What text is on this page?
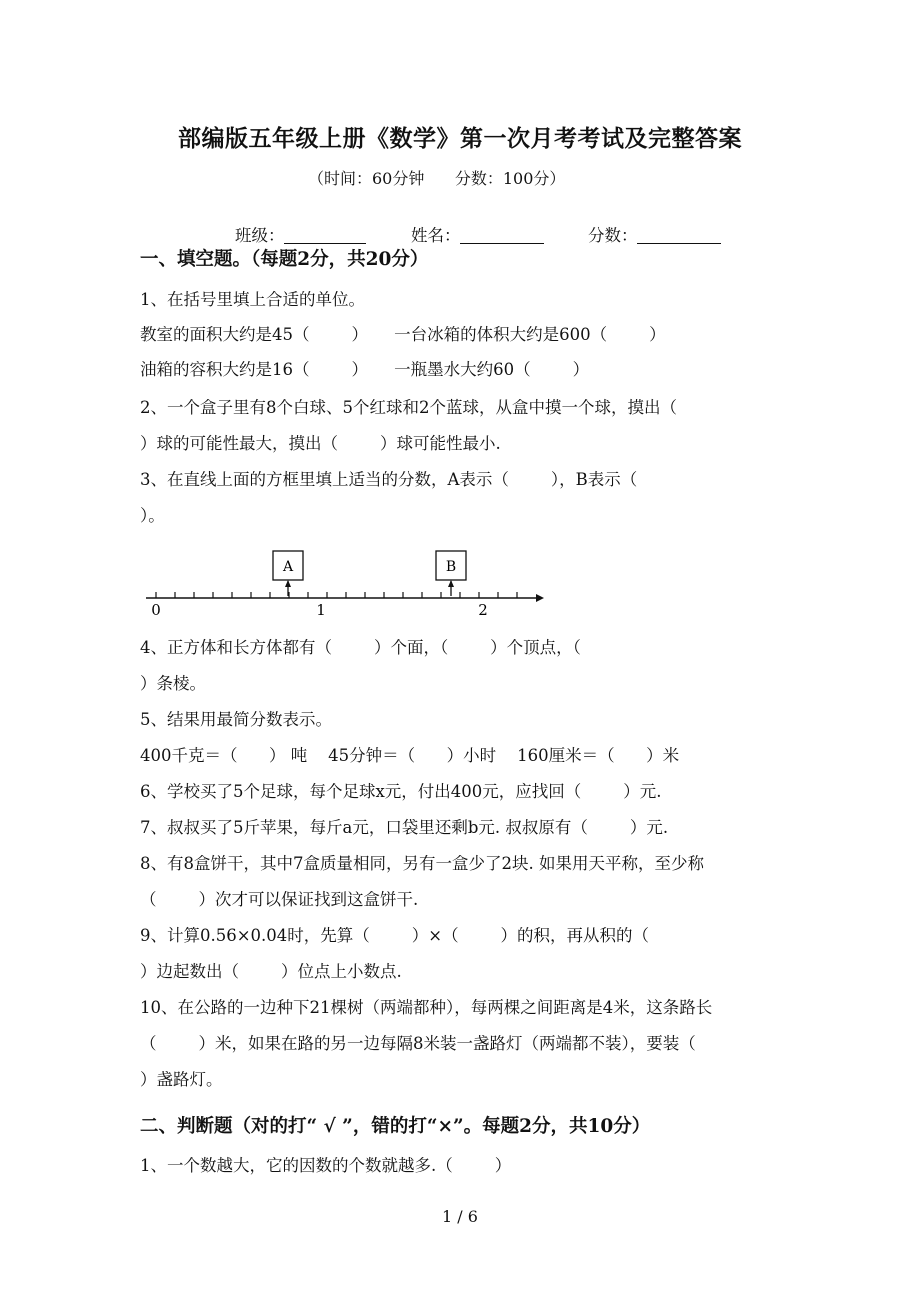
部编版五年级上册《数学》第一次月考考试及完整答案
（时间：60分钟      分数：100分）

班级：
	姓名：
	分数：

一、填空题。（每题2分，共20分）
1、在括号里填上合适的单位。
教室的面积大约是45（        ）     一台冰箱的体积大约是600（        ）
油箱的容积大约是16（        ）     一瓶墨水大约60（        ）
2、一个盒子里有8个白球、5个红球和2个蓝球，从盒中摸一个球，摸出（
）球的可能性最大，摸出（        ）球可能性最小.
3、在直线上面的方框里填上适当的分数，A表示（        ），B表示（
）。
A	B
0	1	2
4、正方体和长方体都有（        ）个面，（        ）个顶点，（
）条棱。
5、结果用最简分数表示。
400千克＝（      ） 吨    45分钟＝（      ）小时    160厘米＝（      ）米
6、学校买了5个足球，每个足球x元，付出400元，应找回（        ）元.
7、叔叔买了5斤苹果，每斤a元，口袋里还剩b元. 叔叔原有（        ）元.
8、有8盒饼干，其中7盒质量相同，另有一盒少了2块. 如果用天平称，至少称
（        ）次才可以保证找到这盒饼干.
9、计算0.56×0.04时，先算（        ）×（        ）的积，再从积的（
）边起数出（        ）位点上小数点.
10、在公路的一边种下21棵树（两端都种），每两棵之间距离是4米，这条路长
（        ）米，如果在路的另一边每隔8米装一盏路灯（两端都不装），要装（
）盏路灯。
二、判断题（对的打“ √ ”，错的打“×”。每题2分，共10分）
1、一个数越大，它的因数的个数就越多.（        ）
1 / 6
